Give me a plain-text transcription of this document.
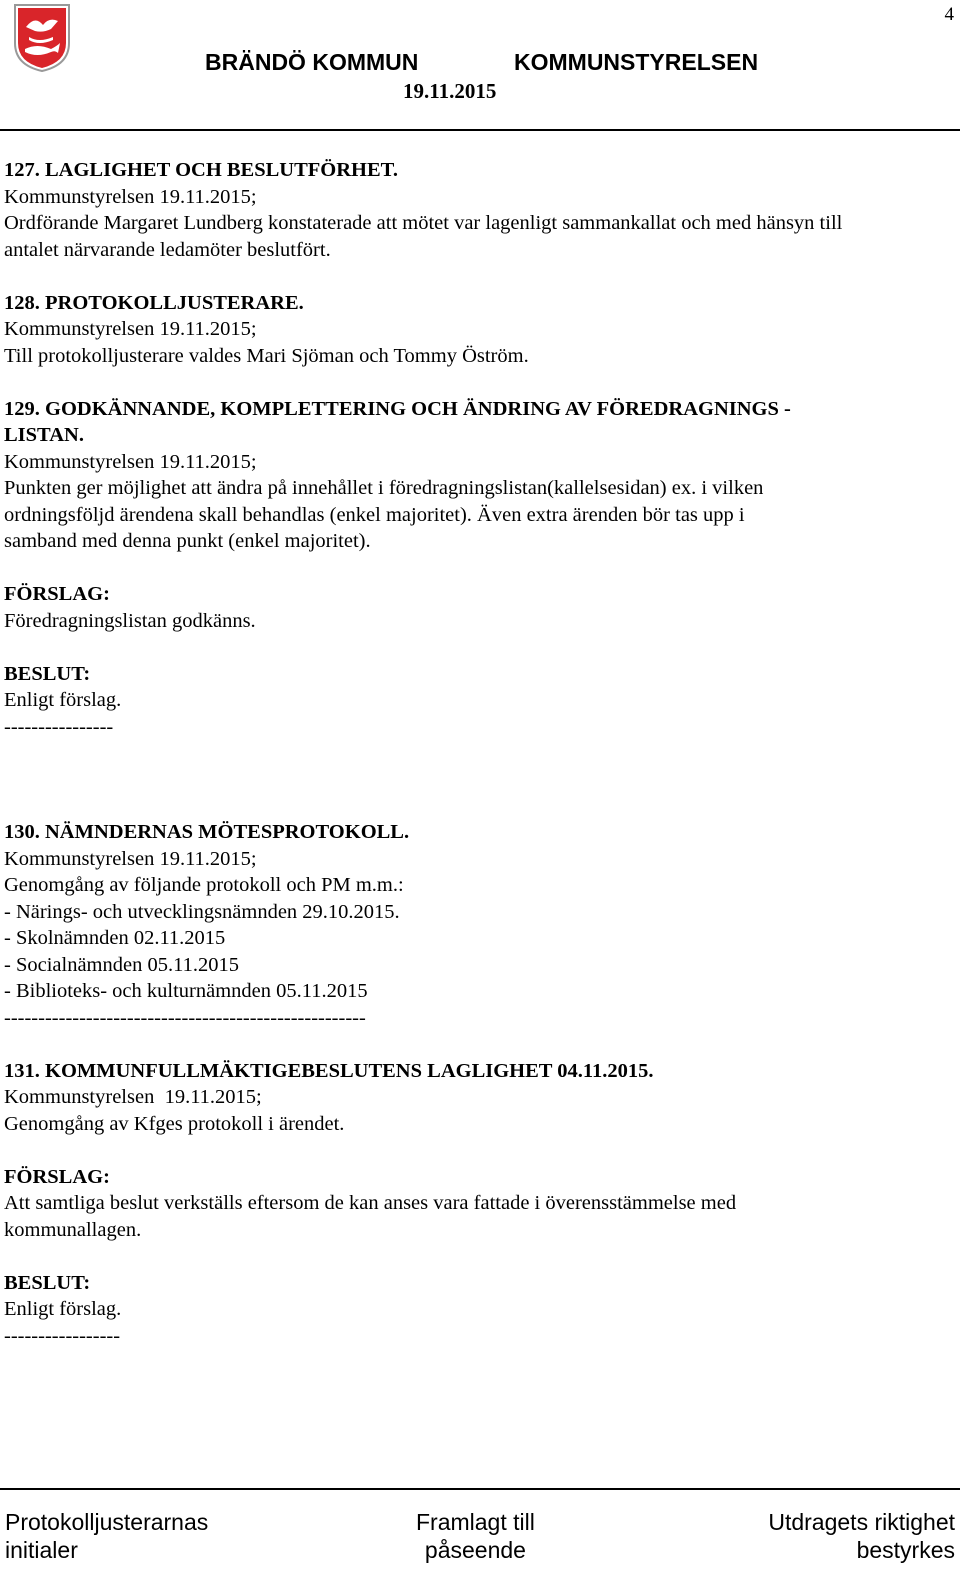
4
BRÄNDÖ KOMMUN	KOMMUNSTYRELSEN
19.11.2015
127. LAGLIGHET OCH BESLUTFÖRHET.
Kommunstyrelsen 19.11.2015;
Ordförande Margaret Lundberg konstaterade att mötet var lagenligt sammankallat och med hänsyn till
antalet närvarande ledamöter beslutfört.
128. PROTOKOLLJUSTERARE.
Kommunstyrelsen 19.11.2015;
Till protokolljusterare valdes Mari Sjöman och Tommy Öström.
129. GODKÄNNANDE, KOMPLETTERING OCH ÄNDRING AV FÖREDRAGNINGS -
LISTAN.
Kommunstyrelsen 19.11.2015;
Punkten ger möjlighet att ändra på innehållet i föredragningslistan(kallelsesidan) ex. i vilken
ordningsföljd ärendena skall behandlas (enkel majoritet). Även extra ärenden bör tas upp i
samband med denna punkt (enkel majoritet).
FÖRSLAG:
Föredragningslistan godkänns.
BESLUT:
Enligt förslag.
----------------
130. NÄMNDERNAS MÖTESPROTOKOLL.
Kommunstyrelsen 19.11.2015;
Genomgång av följande protokoll och PM m.m.:
- Närings- och utvecklingsnämnden 29.10.2015.
- Skolnämnden 02.11.2015
- Socialnämnden 05.11.2015
- Biblioteks- och kulturnämnden 05.11.2015
-----------------------------------------------------
131. KOMMUNFULLMÄKTIGEBESLUTENS LAGLIGHET 04.11.2015.
Kommunstyrelsen  19.11.2015;
Genomgång av Kfges protokoll i ärendet.
FÖRSLAG:
Att samtliga beslut verkställs eftersom de kan anses vara fattade i överensstämmelse med
kommunallagen.
BESLUT:
Enligt förslag.
-----------------
Protokolljusterarnas
initialer
Framlagt till
påseende
Utdragets riktighet
bestyrkes
